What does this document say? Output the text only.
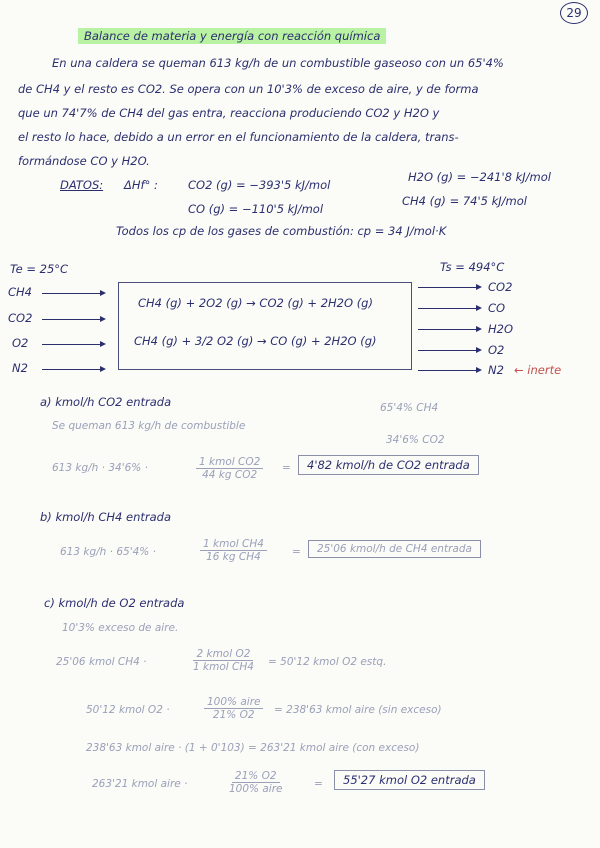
29
Balance de materia y energía con reacción química
En una caldera se queman 613 kg/h de un combustible gaseoso con un 65'4%
de CH4 y el resto es CO2. Se opera con un 10'3% de exceso de aire, y de forma
que un 74'7% de CH4 del gas entra, reacciona produciendo CO2 y H2O y
el resto lo hace, debido a un error en el funcionamiento de la caldera, trans-
formándose CO y H2O.
DATOS: ΔHf° :	CO2 (g) = −393'5 kJ/mol
H2O (g) = −241'8 kJ/mol
CO (g) = −110'5 kJ/mol
CH4 (g) = 74'5 kJ/mol
Todos los cp de los gases de combustión: cp = 34 J/mol·K
Te = 25°C	Ts = 494°C
CH4
CO2
O2
N2
CH4 (g) + 2O2 (g) → CO2 (g) + 2H2O (g)
CH4 (g) + 3/2 O2 (g) → CO (g) + 2H2O (g)
CO2
CO
H2O
O2
N2 ← inerte
a) kmol/h CO2 entrada
Se queman 613 kg/h de combustible
65'4% CH4
34'6% CO2
613 kg/h · 34'6% ·	1 kmol CO2
44 kg CO2
=	4'82 kmol/h de CO2 entrada
b) kmol/h CH4 entrada
613 kg/h · 65'4% ·
1 kmol CH4
16 kg CH4	=	25'06 kmol/h de CH4 entrada
c) kmol/h de O2 entrada
10'3% exceso de aire.
25'06 kmol CH4 ·
2 kmol O2
1 kmol CH4 = 50'12 kmol O2 estq.
50'12 kmol O2 ·
100% aire
21% O2 = 238'63 kmol aire (sin exceso)
238'63 kmol aire · (1 + 0'103) = 263'21 kmol aire (con exceso)
263'21 kmol aire ·
21% O2
100% aire	=	55'27 kmol O2 entrada
